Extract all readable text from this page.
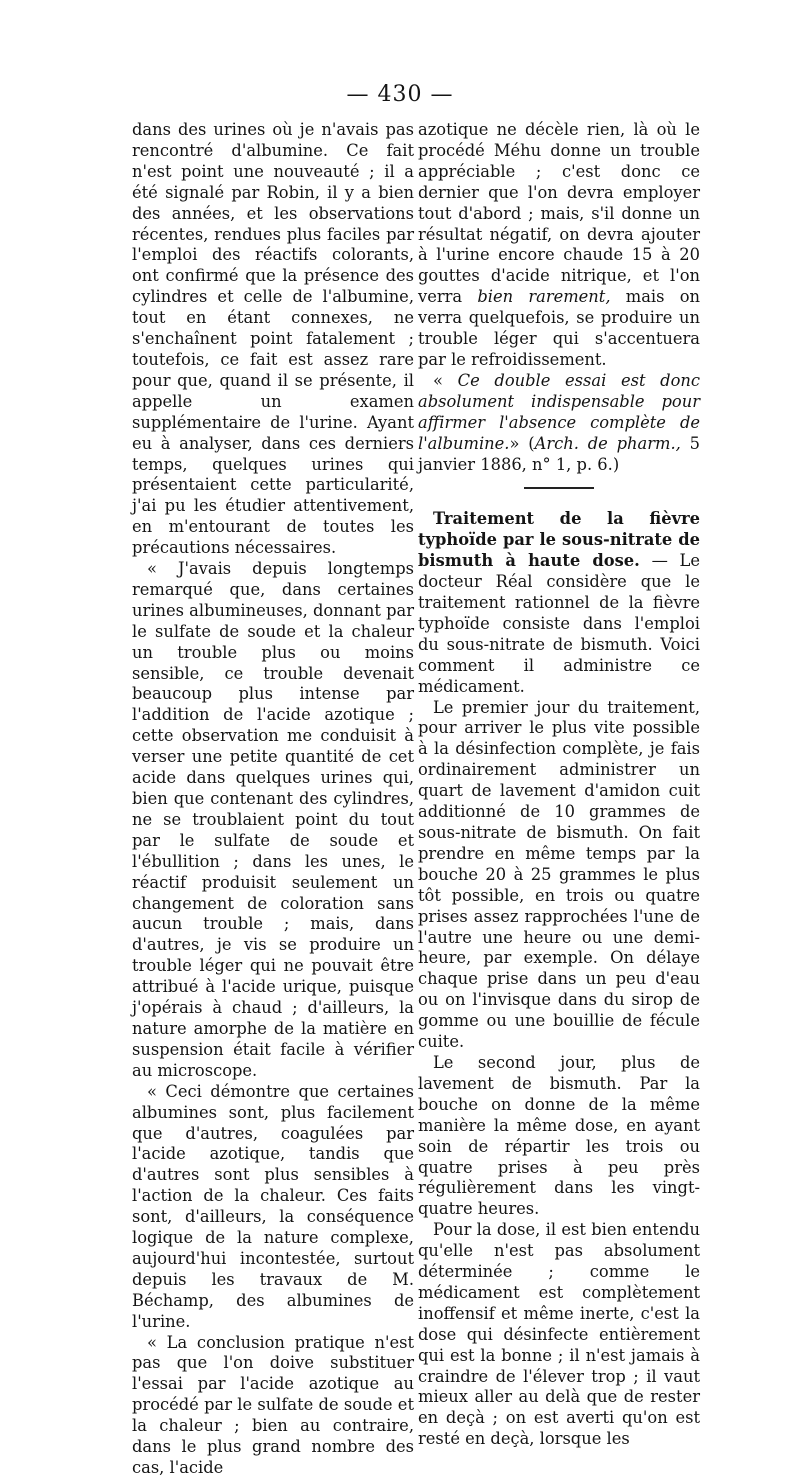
— 430 —

dans des urines où je n'avais pas rencontré d'albumine. Ce fait n'est point une nouveauté ; il a été signalé par Robin, il y a bien des années, et les observations récentes, rendues plus faciles par l'emploi des réactifs colorants, ont confirmé que la présence des cylindres et celle de l'albumine, tout en étant connexes, ne s'enchaînent point fatalement ; toutefois, ce fait est assez rare pour que, quand il se présente, il appelle un examen supplémentaire de l'urine. Ayant eu à analyser, dans ces derniers temps, quelques urines qui présentaient cette particularité, j'ai pu les étudier attentivement, en m'entourant de toutes les précautions nécessaires.

« J'avais depuis longtemps remarqué que, dans certaines urines albumineuses, donnant par le sulfate de soude et la chaleur un trouble plus ou moins sensible, ce trouble devenait beaucoup plus intense par l'addition de l'acide azotique ; cette observation me conduisit à verser une petite quantité de cet acide dans quelques urines qui, bien que contenant des cylindres, ne se troublaient point du tout par le sulfate de soude et l'ébullition ; dans les unes, le réactif produisit seulement un changement de coloration sans aucun trouble ; mais, dans d'autres, je vis se produire un trouble léger qui ne pouvait être attribué à l'acide urique, puisque j'opérais à chaud ; d'ailleurs, la nature amorphe de la matière en suspension était facile à vérifier au microscope.

« Ceci démontre que certaines albumines sont, plus facilement que d'autres, coagulées par l'acide azotique, tandis que d'autres sont plus sensibles à l'action de la chaleur. Ces faits sont, d'ailleurs, la conséquence logique de la nature complexe, aujourd'hui incontestée, surtout depuis les travaux de M. Béchamp, des albumines de l'urine.

« La conclusion pratique n'est pas que l'on doive substituer l'essai par l'acide azotique au procédé par le sulfate de soude et la chaleur ; bien au contraire, dans le plus grand nombre des cas, l'acide

azotique ne décèle rien, là où le procédé Méhu donne un trouble appréciable ; c'est donc ce dernier que l'on devra employer tout d'abord ; mais, s'il donne un résultat négatif, on devra ajouter à l'urine encore chaude 15 à 20 gouttes d'acide nitrique, et l'on verra bien rarement, mais on verra quelquefois, se produire un trouble léger qui s'accentuera par le refroidissement.

« Ce double essai est donc absolument indispensable pour affirmer l'absence complète de l'albumine.» (Arch. de pharm., 5 janvier 1886, n° 1, p. 6.)

Traitement de la fièvre typhoïde par le sous-nitrate de bismuth à haute dose. — Le docteur Réal considère que le traitement rationnel de la fièvre typhoïde consiste dans l'emploi du sous-nitrate de bismuth. Voici comment il administre ce médicament.

Le premier jour du traitement, pour arriver le plus vite possible à la désinfection complète, je fais ordinairement administrer un quart de lavement d'amidon cuit additionné de 10 grammes de sous-nitrate de bismuth. On fait prendre en même temps par la bouche 20 à 25 grammes le plus tôt possible, en trois ou quatre prises assez rapprochées l'une de l'autre une heure ou une demi-heure, par exemple. On délaye chaque prise dans un peu d'eau ou on l'invisque dans du sirop de gomme ou une bouillie de fécule cuite.

Le second jour, plus de lavement de bismuth. Par la bouche on donne de la même manière la même dose, en ayant soin de répartir les trois ou quatre prises à peu près régulièrement dans les vingt-quatre heures.

Pour la dose, il est bien entendu qu'elle n'est pas absolument déterminée ; comme le médicament est complètement inoffensif et même inerte, c'est la dose qui désinfecte entièrement qui est la bonne ; il n'est jamais à craindre de l'élever trop ; il vaut mieux aller au delà que de rester en deçà ; on est averti qu'on est resté en deçà, lorsque les
